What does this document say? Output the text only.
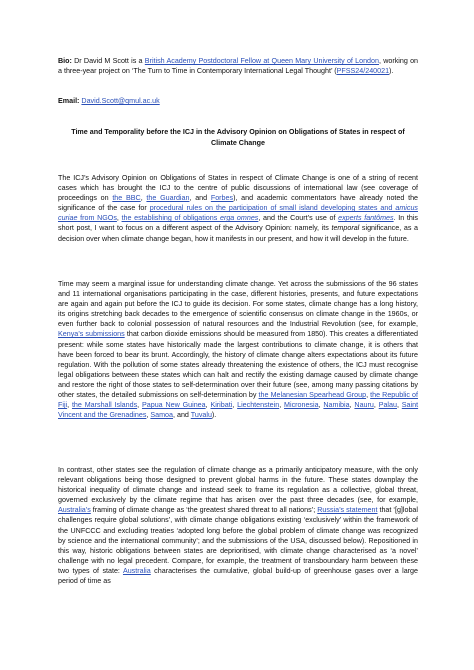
Bio: Dr David M Scott is a British Academy Postdoctoral Fellow at Queen Mary University of London, working on a three-year project on ‘The Turn to Time in Contemporary International Legal Thought’ (PFSS24/240021).

Email: David.Scott@qmul.ac.uk

Time and Temporality before the ICJ in the Advisory Opinion on Obligations of States in respect of Climate Change

The ICJ’s Advisory Opinion on Obligations of States in respect of Climate Change is one of a string of recent cases which has brought the ICJ to the centre of public discussions of international law (see coverage of proceedings on the BBC, the Guardian, and Forbes), and academic commentators have already noted the significance of the case for procedural rules on the participation of small island developing states and amicus curiae from NGOs, the establishing of obligations erga omnes, and the Court’s use of experts fantômes. In this short post, I want to focus on a different aspect of the Advisory Opinion: namely, its temporal significance, as a decision over when climate change began, how it manifests in our present, and how it will develop in the future.

Time may seem a marginal issue for understanding climate change. Yet across the submissions of the 96 states and 11 international organisations participating in the case, different histories, presents, and future expectations are again and again put before the ICJ to guide its decision. For some states, climate change has a long history, its origins stretching back decades to the emergence of scientific consensus on climate change in the 1960s, or even further back to colonial possession of natural resources and the Industrial Revolution (see, for example, Kenya’s submissions that carbon dioxide emissions should be measured from 1850). This creates a differentiated present: while some states have historically made the largest contributions to climate change, it is others that have been forced to bear its brunt. Accordingly, the history of climate change alters expectations about its future regulation. With the pollution of some states already threatening the existence of others, the ICJ must recognise legal obligations between these states which can halt and rectify the existing damage caused by climate change and restore the right of those states to self-determination over their future (see, among many passing citations by other states, the detailed submissions on self-determination by the Melanesian Spearhead Group, the Republic of Fiji, the Marshall Islands, Papua New Guinea, Kiribati, Liechtenstein, Micronesia, Namibia, Nauru, Palau, Saint Vincent and the Grenadines, Samoa, and Tuvalu).

In contrast, other states see the regulation of climate change as a primarily anticipatory measure, with the only relevant obligations being those designed to prevent global harms in the future. These states downplay the historical inequality of climate change and instead seek to frame its regulation as a collective, global threat, governed exclusively by the climate regime that has arisen over the past three decades (see, for example, Australia’s framing of climate change as ‘the greatest shared threat to all nations’; Russia’s statement that ‘[g]lobal challenges require global solutions’, with climate change obligations existing ‘exclusively’ within the framework of the UNFCCC and excluding treaties ‘adopted long before the global problem of climate change was recognized by science and the international community’; and the submissions of the USA, discussed below). Repositioned in this way, historic obligations between states are deprioritised, with climate change characterised as ‘a novel’ challenge with no legal precedent. Compare, for example, the treatment of transboundary harm between these two types of state: Australia characterises the cumulative, global build-up of greenhouse gases over a large period of time as
